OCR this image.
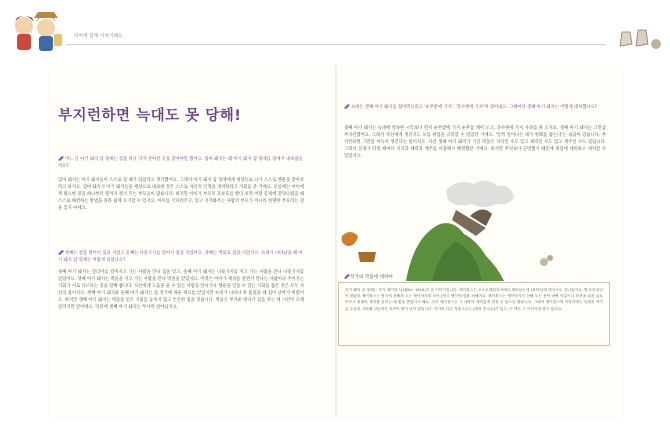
터미에 함께 이야기해요
부지런하면 늑대도 못 당해!
어느 날 아기 돼지 삼 형제는 집을 떠나 각자 살아갈 곳을 찾아야만 했어요. 엄마 돼지는 왜 아기 돼지 삼 형제를 집에서 내보냈을까요?
엄마 돼지는 아기 돼지들이 스스로 설 때가 되었다고 생각했어요. 그래서 아기 돼지 삼 형제에게 세상으로 나가 스스로 행운을 찾아보라고 하지요. 엄마 돼지가 아기 돼지들을 세상으로 내보낸 것은 스스로 자신의 인생을 개척하라고 기회를 준 거예요. 모름에는 아이에게 필요한 것을 하나부터 열까지 챙겨 주는 부모들이 많습니다. 하지만 아이가 부모의 과보호를 받다 보면 어떤 문제에 맞닥뜨렸을 때 스스로 해결하는 방법을 몰라 쉽게 포기할 수 있지요. 아이를 기다려주고, 믿고 지켜봐주는 사람의 부모가 아니라 현명한 부모라는 것을 잊지 마세요.
첫째는 짚을 엮어서 집을 지었고 둘째는 나뭇가지를 엮어서 집을 지었어요. 셋째는 벽돌로 집을 지었지요. 늑대가 나타났을 때 아기 돼지 삼 형제는 어떻게 되었나요?
첫째 아기 돼지는 짚더미를 걸머지고 가는 사람을 만나 집을 얻고, 둘째 아기 돼지는 나뭇가지를 지고 가는 사람을 만나 나뭇가지를 얻었어요. 셋째 아기 돼지는 벽돌을 지고 가는 사람을 만나 벽돌을 얻었지요. 이것은 아이가 세상을 살면서 만나는 사람이나 주어지는 기회가 서로 다르다는 것을 말해 줍니다. 자신에게 도움을 줄 수 있는 사람을 만나거나 행운을 얻을 수 있는 기회를 잡은 것은 모두 자신의 몫이지요. 첫째 아기 돼지와 둘째 아기 돼지는 집 짓기에 쉬운 재료를 얻었지만 늑대가 나타나 후 불었을 때 집이 날아가 버렸어요. 하지만 셋째 아기 돼지는 벽돌을 얻은 기회를 놓치지 않고 튼튼한 집을 짓습니다. 벽돌은 무거운 데다가 집을 짓는 데 시간이 오래 걸리지만 말이에요. 덕분에 셋째 아기 돼지는 무사히 살아남지요.
늑대는 셋째 아기 돼지를 잡아먹으려고 '순무밭에 가자', '과수원에 가자'며 꾀어내요. 그때마다 셋째 아기 돼지는 어떻게 대처했나요?
셋째 아기 돼지는 늑대에 약속한 시각보다 먼저 순무밭에 가서 순무를 캐어 오고, 과수원에 가서 사과를 따 오지요. 셋째 아기 돼지는 그만큼 부지런했어요. 그래서 자신에게 생길지도 모를 위험을 극복할 수 있었던 거예요. '일찍 일어나는 새가 벌레를 잡는다'는 속담이 있습니다. 부지런하면 그만큼 이득이 생긴다는 말이지요. 사실 셋째 아기 돼지가 가진 벽돌은 지식일 수도 있고 체력일 수도 있고 재주일 수도 있답니다. 그래서 문제가 닥칠 때마다 지식과 체력과 재주를 이용해서 해결했던 거예요. 하지만 무엇보다 근면했기 때문에 위험에 대비하고 대처할 수 있었지요.
작가와 작품에 대하여
아기 돼지 삼 형제는 작가 제이콥스(1854~1916)가 쓴 이야기입니다. 제이콥스는 오스트레일리아에서 태어났는데 1872년에 영국으로 건너갔지요. 영국에 관심이 많았던 제이콥스는 영국에 전해져 오는 옛이야기를 모아 [영국 옛이야기]를 펴냈어요. 제이콥스는 옛이야기가 전해 오는 동안 바뀐 이름이나 표현을 쉬운 글로 바꾸고 원래의 재미를 살리는 데 힘을 쏟았다고 해요. 특히 제이콥스는 그 내용이 재미있게 읽힐 수 있도록 썼답니다. 그래서 제이콥스의 이야기에는 특별히 아이들 수준을 고려해 다듬어진 표현이 많이 남아 있답니다. 작가의 다른 작품으로는 [잭과 콩나무]가 있고, 이 책은 그 이야기를 담고 있지요.
